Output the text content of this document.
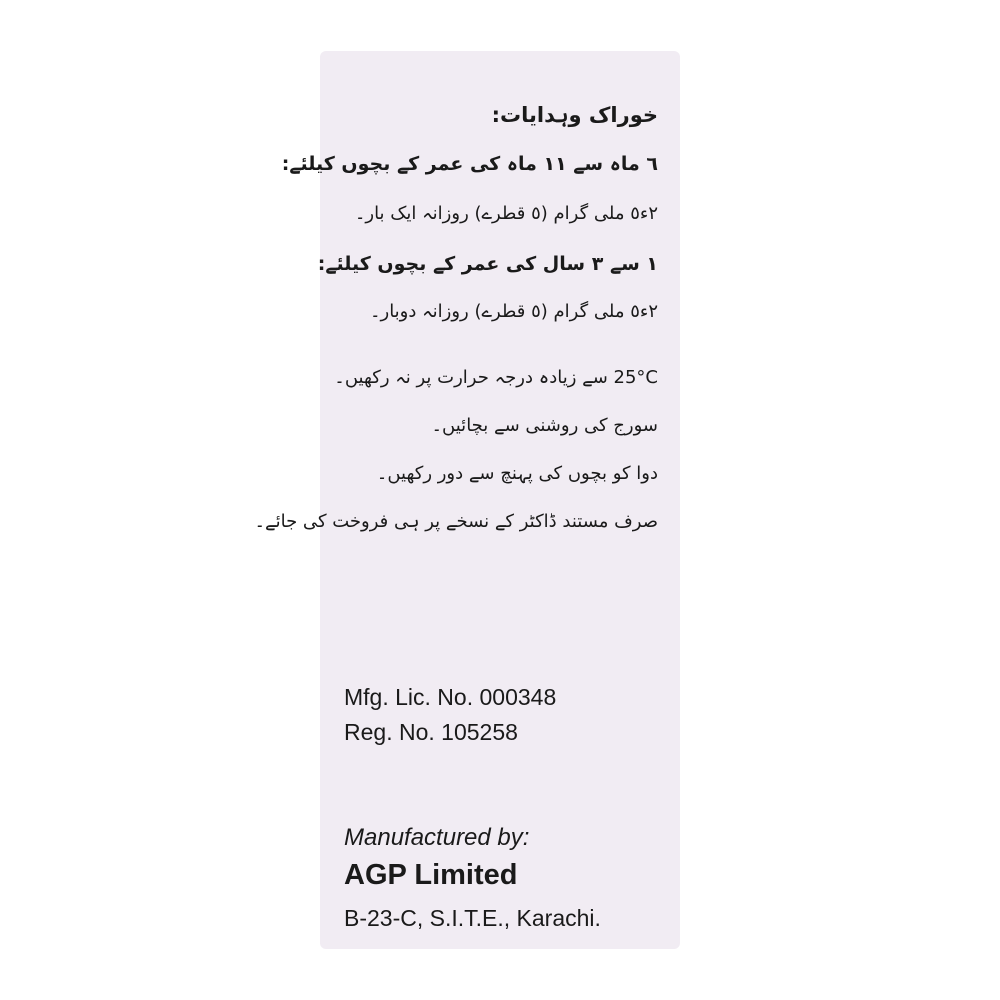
خوراک وہدایات:
٦ ماہ سے ١١ ماہ کی عمر کے بچوں کیلئے:
٢ء٥ ملی گرام (٥ قطرے) روزانہ ایک بار۔
١ سے ٣ سال کی عمر کے بچوں کیلئے:
٢ء٥ ملی گرام (٥ قطرے) روزانہ دوبار۔
25°C سے زیادہ درجہ حرارت پر نہ رکھیں۔
سورج کی روشنی سے بچائیں۔
دوا کو بچوں کی پہنچ سے دور رکھیں۔
صرف مستند ڈاکٹر کے نسخے پر ہی فروخت کی جائے۔
Mfg. Lic. No. 000348
Reg. No. 105258
Manufactured by:
AGP Limited
B-23-C, S.I.T.E., Karachi.
